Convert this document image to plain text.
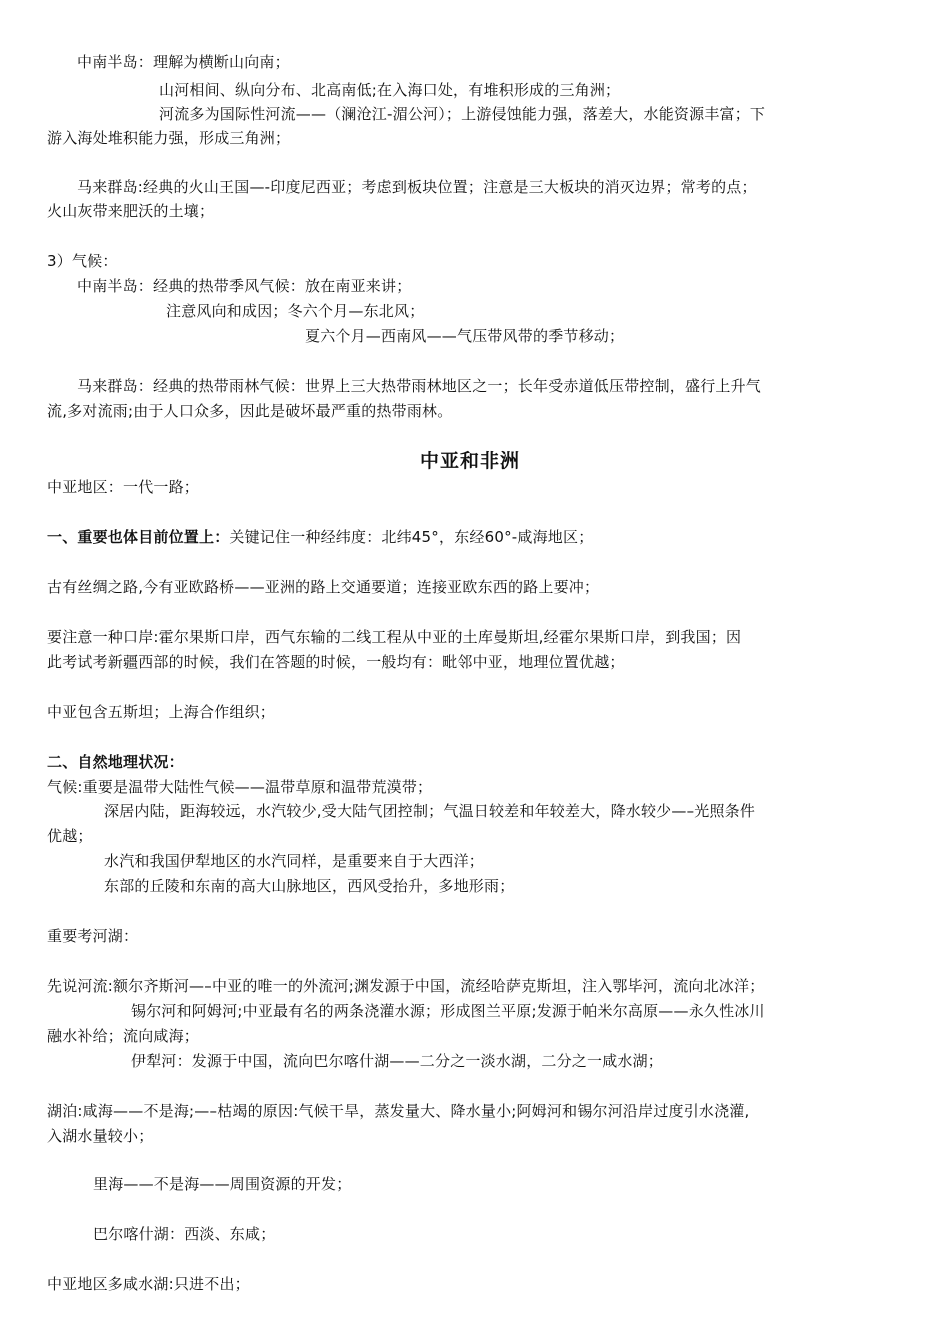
中南半岛：理解为横断山向南；
山河相间、纵向分布、北高南低;在入海口处，有堆积形成的三角洲；
河流多为国际性河流——（澜沧江-湄公河）；上游侵蚀能力强，落差大，水能资源丰富；下
游入海处堆积能力强，形成三角洲；
马来群岛:经典的火山王国—-印度尼西亚；考虑到板块位置；注意是三大板块的消灭边界；常考的点；
火山灰带来肥沃的土壤；
3）气候：
中南半岛：经典的热带季风气候：放在南亚来讲；
注意风向和成因；冬六个月—东北风；
夏六个月—西南风——气压带风带的季节移动；
马来群岛：经典的热带雨林气候：世界上三大热带雨林地区之一；长年受赤道低压带控制，盛行上升气
流,多对流雨;由于人口众多，因此是破坏最严重的热带雨林。
中亚和非洲
中亚地区：一代一路；
一、重要也体目前位置上：关键记住一种经纬度：北纬45°，东经60°-咸海地区；
古有丝绸之路,今有亚欧路桥——亚洲的路上交通要道；连接亚欧东西的路上要冲；
要注意一种口岸:霍尔果斯口岸，西气东输的二线工程从中亚的土库曼斯坦,经霍尔果斯口岸，到我国；因
此考试考新疆西部的时候，我们在答题的时候，一般均有：毗邻中亚，地理位置优越；
中亚包含五斯坦；上海合作组织；
二、自然地理状况：
气候:重要是温带大陆性气候——温带草原和温带荒漠带；
深居内陆，距海较远，水汽较少,受大陆气团控制；气温日较差和年较差大，降水较少—–光照条件
优越；
水汽和我国伊犁地区的水汽同样，是重要来自于大西洋；
东部的丘陵和东南的高大山脉地区，西风受抬升，多地形雨；
重要考河湖：
先说河流:额尔齐斯河—–中亚的唯一的外流河;渊发源于中国，流经哈萨克斯坦，注入鄂毕河，流向北冰洋；
锡尔河和阿姆河;中亚最有名的两条浇灌水源；形成图兰平原;发源于帕米尔高原——永久性冰川
融水补给；流向咸海；
伊犁河：发源于中国，流向巴尔喀什湖——二分之一淡水湖，二分之一咸水湖；
湖泊:咸海——不是海;—–枯竭的原因:气候干旱，蒸发量大、降水量小;阿姆河和锡尔河沿岸过度引水浇灌,
入湖水量较小；
里海——不是海——周围资源的开发；
巴尔喀什湖：西淡、东咸；
中亚地区多咸水湖:只进不出；
